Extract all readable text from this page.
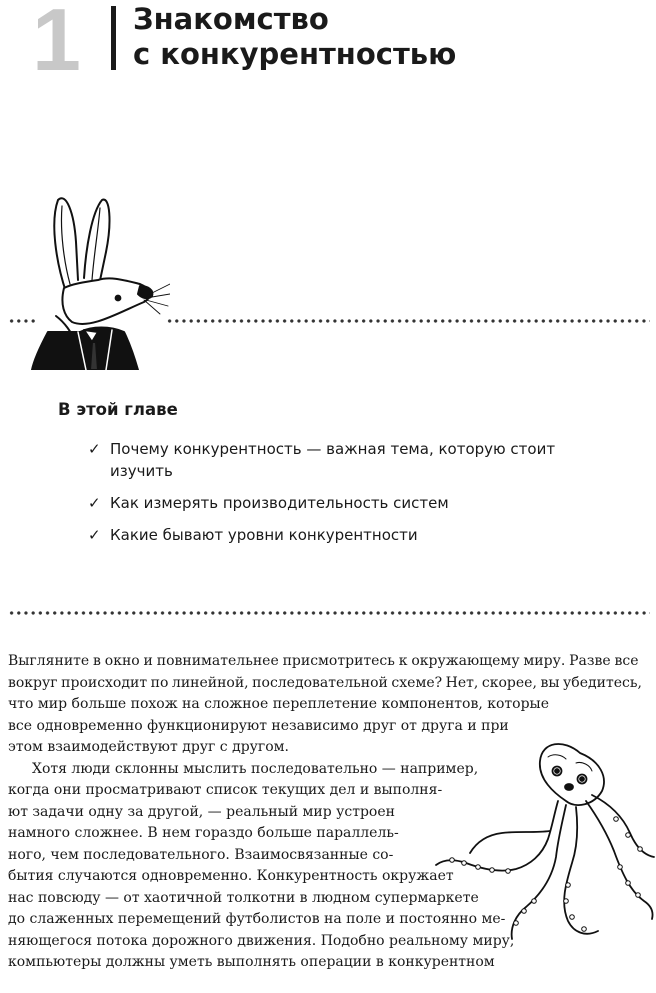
1 Знакомство
с конкурентностью
В этой главе
✓ Почему конкурентность — важная тема, которую стоит
изучить
✓ Как измерять производительность систем
✓ Какие бывают уровни конкурентности
Выгляните в окно и повнимательнее присмотритесь к окружающему миру. Разве все
вокруг происходит по линейной, последовательной схеме? Нет, скорее, вы убедитесь,
что мир больше похож на сложное переплетение компонентов, которые
все одновременно функционируют независимо друг от друга и при
этом взаимодействуют друг с другом.
Хотя люди склонны мыслить последовательно — например,
когда они просматривают список текущих дел и выполня-
ют задачи одну за другой, — реальный мир устроен
намного сложнее. В нем гораздо больше параллель-
ного, чем последовательного. Взаимосвязанные со-
бытия случаются одновременно. Конкурентность окружает
нас повсюду — от хаотичной толкотни в людном супермаркете
до слаженных перемещений футболистов на поле и постоянно ме-
няющегося потока дорожного движения. Подобно реальному миру,
компьютеры должны уметь выполнять операции в конкурентном
